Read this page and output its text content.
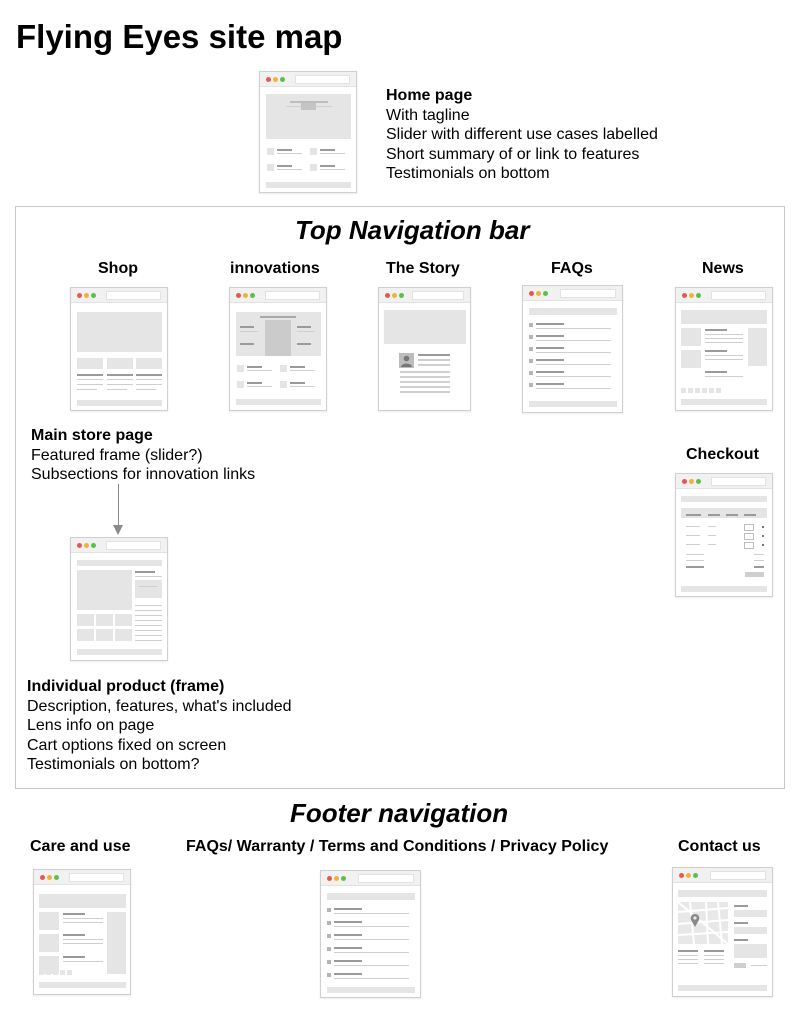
Flying Eyes site map
Home page
With tagline
Slider with different use cases labelled
Short summary of or link to features
Testimonials on bottom
Top Navigation bar
Shop	innovations	The Story	FAQs	News
Main store page
Featured frame (slider?)
Subsections for innovation links
Checkout
Individual product (frame)
Description, features, what's included
Lens info on page
Cart options fixed on screen
Testimonials on bottom?
Footer navigation
Care and use	FAQs/ Warranty / Terms and Conditions / Privacy Policy	Contact us
